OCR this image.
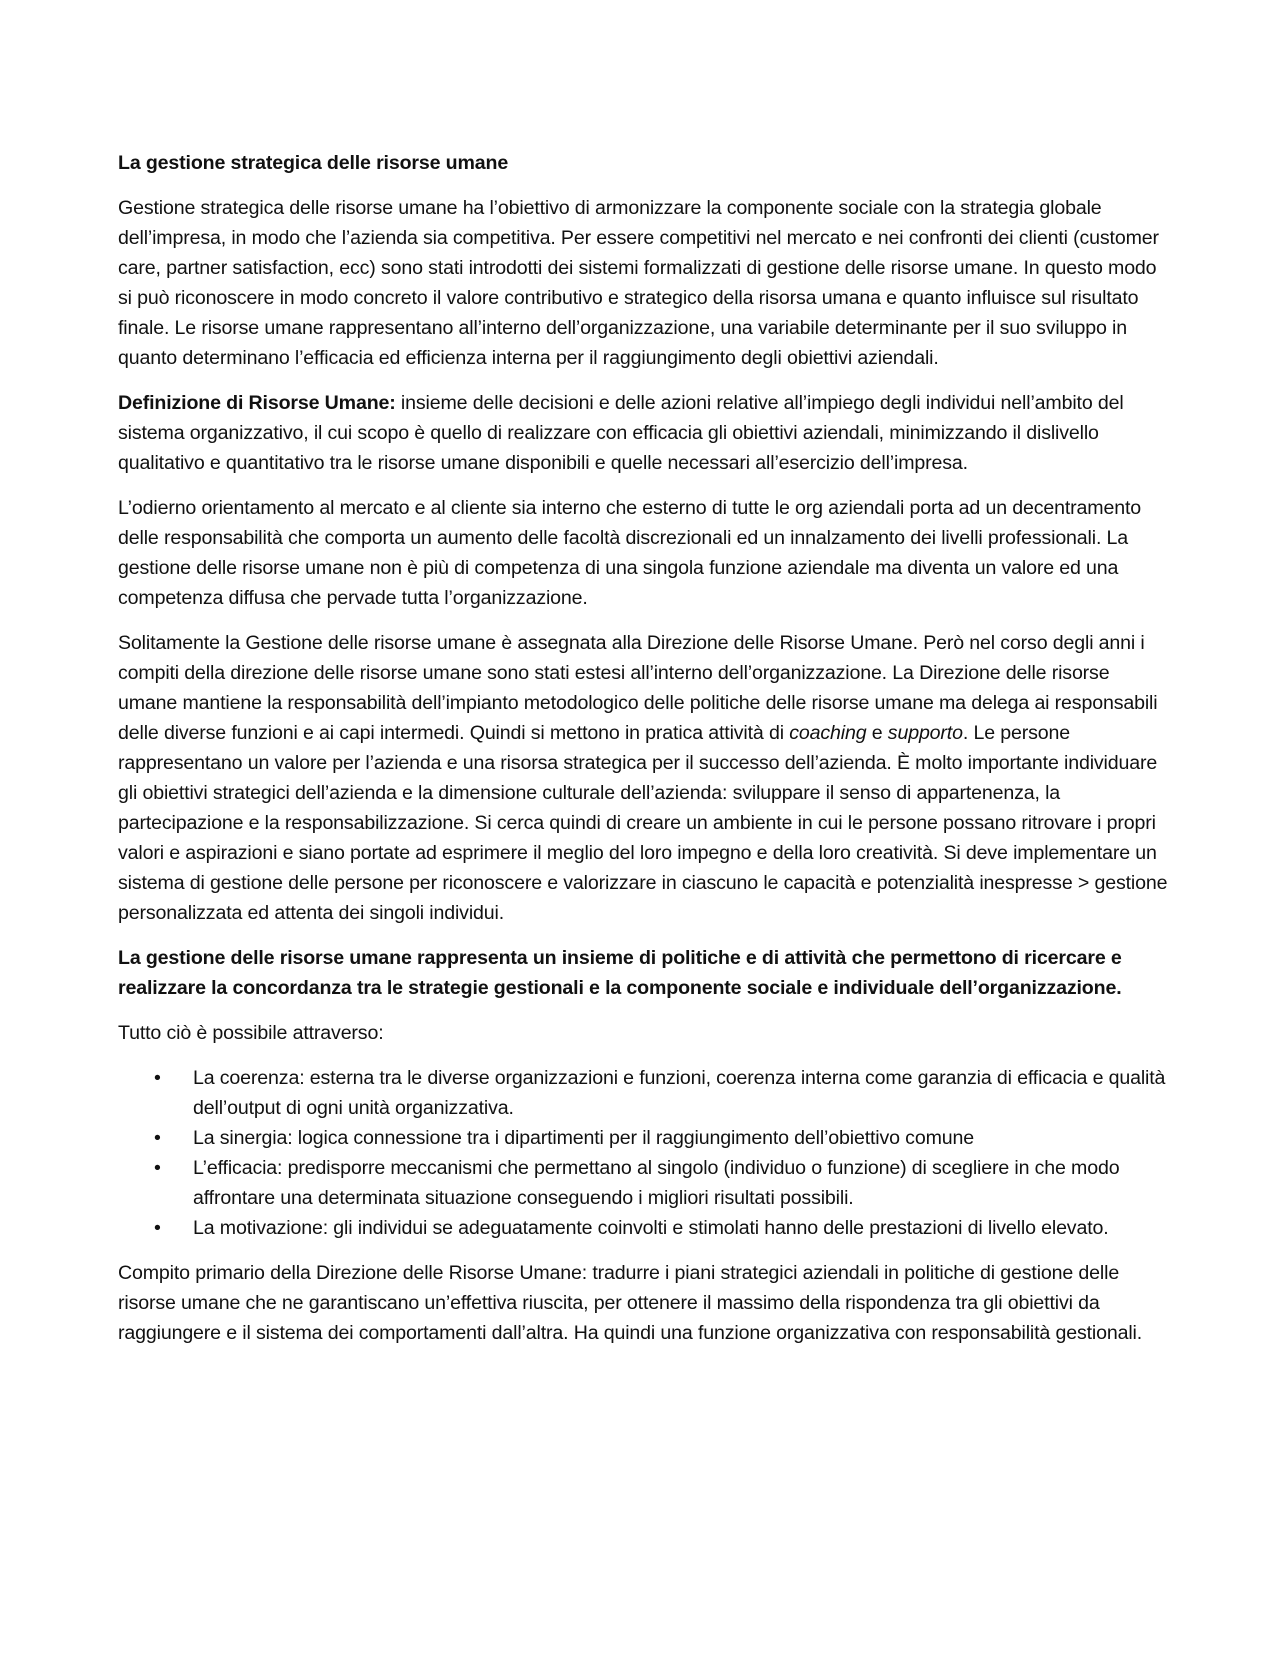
La gestione strategica delle risorse umane

Gestione strategica delle risorse umane ha l’obiettivo di armonizzare la componente sociale con la strategia globale dell’impresa, in modo che l’azienda sia competitiva. Per essere competitivi nel mercato e nei confronti dei clienti (customer care, partner satisfaction, ecc) sono stati introdotti dei sistemi formalizzati di gestione delle risorse umane. In questo modo si può riconoscere in modo concreto il valore contributivo e strategico della risorsa umana e quanto influisce sul risultato finale. Le risorse umane rappresentano all’interno dell’organizzazione, una variabile determinante per il suo sviluppo in quanto determinano l’efficacia ed efficienza interna per il raggiungimento degli obiettivi aziendali.

Definizione di Risorse Umane: insieme delle decisioni e delle azioni relative all’impiego degli individui nell’ambito del sistema organizzativo, il cui scopo è quello di realizzare con efficacia gli obiettivi aziendali, minimizzando il dislivello qualitativo e quantitativo tra le risorse umane disponibili e quelle necessari all’esercizio dell’impresa.

L’odierno orientamento al mercato e al cliente sia interno che esterno di tutte le org aziendali porta ad un decentramento delle responsabilità che comporta un aumento delle facoltà discrezionali ed un innalzamento dei livelli professionali. La gestione delle risorse umane non è più di competenza di una singola funzione aziendale ma diventa un valore ed una competenza diffusa che pervade tutta l’organizzazione.

Solitamente la Gestione delle risorse umane è assegnata alla Direzione delle Risorse Umane. Però nel corso degli anni i compiti della direzione delle risorse umane sono stati estesi all’interno dell’organizzazione. La Direzione delle risorse umane mantiene la responsabilità dell’impianto metodologico delle politiche delle risorse umane ma delega ai responsabili delle diverse funzioni e ai capi intermedi. Quindi si mettono in pratica attività di coaching e supporto. Le persone rappresentano un valore per l’azienda e una risorsa strategica per il successo dell’azienda. È molto importante individuare gli obiettivi strategici dell’azienda e la dimensione culturale dell’azienda: sviluppare il senso di appartenenza, la partecipazione e la responsabilizzazione. Si cerca quindi di creare un ambiente in cui le persone possano ritrovare i propri valori e aspirazioni e siano portate ad esprimere il meglio del loro impegno e della loro creatività. Si deve implementare un sistema di gestione delle persone per riconoscere e valorizzare in ciascuno le capacità e potenzialità inespresse > gestione personalizzata ed attenta dei singoli individui.

La gestione delle risorse umane rappresenta un insieme di politiche e di attività che permettono di ricercare e realizzare la concordanza tra le strategie gestionali e la componente sociale e individuale dell’organizzazione.

Tutto ciò è possibile attraverso:

• La coerenza: esterna tra le diverse organizzazioni e funzioni, coerenza interna come garanzia di efficacia e qualità dell’output di ogni unità organizzativa.
• La sinergia: logica connessione tra i dipartimenti per il raggiungimento dell’obiettivo comune
• L’efficacia: predisporre meccanismi che permettano al singolo (individuo o funzione) di scegliere in che modo affrontare una determinata situazione conseguendo i migliori risultati possibili.
• La motivazione: gli individui se adeguatamente coinvolti e stimolati hanno delle prestazioni di livello elevato.

Compito primario della Direzione delle Risorse Umane: tradurre i piani strategici aziendali in politiche di gestione delle risorse umane che ne garantiscano un’effettiva riuscita, per ottenere il massimo della rispondenza tra gli obiettivi da raggiungere e il sistema dei comportamenti dall’altra. Ha quindi una funzione organizzativa con responsabilità gestionali.
